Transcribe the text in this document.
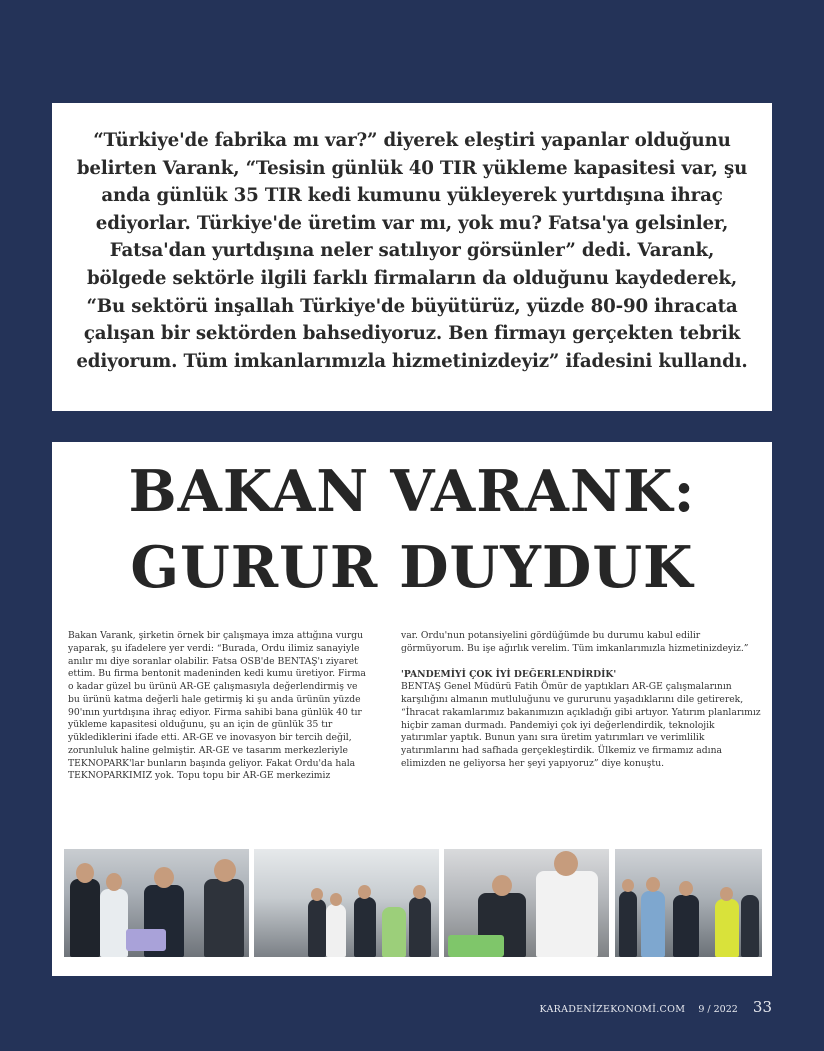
“Türkiye'de fabrika mı var?” diyerek eleştiri yapanlar olduğunu belirten Varank, “Tesisin günlük 40 TIR yükleme kapasitesi var, şu anda günlük 35 TIR kedi kumunu yükleyerek yurtdışına ihraç ediyorlar. Türkiye'de üretim var mı, yok mu? Fatsa'ya gelsinler, Fatsa'dan yurtdışına neler satılıyor görsünler” dedi. Varank, bölgede sektörle ilgili farklı firmaların da olduğunu kaydederek, “Bu sektörü inşallah Türkiye'de büyütürüz, yüzde 80-90 ihracata çalışan bir sektörden bahsediyoruz. Ben firmayı gerçekten tebrik ediyorum. Tüm imkanlarımızla hizmetinizdeyiz” ifadesini kullandı.

BAKAN VARANK:
GURUR DUYDUK

Bakan Varank, şirketin örnek bir çalışmaya imza attığına vurgu yaparak, şu ifadelere yer verdi: “Burada, Ordu ilimiz sanayiyle anılır mı diye soranlar olabilir. Fatsa OSB'de BENTAŞ'ı ziyaret ettim. Bu firma bentonit madeninden kedi kumu üretiyor. Firma o kadar güzel bu ürünü AR-GE çalışmasıyla değerlendirmiş ve bu ürünü katma değerli hale getirmiş ki şu anda ürünün yüzde 90'ının yurtdışına ihraç ediyor. Firma sahibi bana günlük 40 tır yükleme kapasitesi olduğunu, şu an için de günlük 35 tır yüklediklerini ifade etti. AR-GE ve inovasyon bir tercih değil, zorunluluk haline gelmiştir. AR-GE ve tasarım merkezleriyle TEKNOPARK'lar bunların başında geliyor. Fakat Ordu'da hala TEKNOPARKIMIZ yok. Topu topu bir AR-GE merkezimiz

var. Ordu'nun potansiyelini gördüğümde bu durumu kabul edilir görmüyorum. Bu işe ağırlık verelim. Tüm imkanlarımızla hizmetinizdeyiz.”

'PANDEMİYİ ÇOK İYİ DEĞERLENDİRDİK'

BENTAŞ Genel Müdürü Fatih Ömür de yaptıkları AR-GE çalışmalarının karşılığını almanın mutluluğunu ve gururunu yaşadıklarını dile getirerek, “İhracat rakamlarımız bakanımızın açıkladığı gibi artıyor. Yatırım planlarımız hiçbir zaman durmadı. Pandemiyi çok iyi değerlendirdik, teknolojik yatırımlar yaptık. Bunun yanı sıra üretim yatırımları ve verimlilik yatırımlarını had safhada gerçekleştirdik. Ülkemiz ve firmamız adına elimizden ne geliyorsa her şeyi yapıyoruz” diye konuştu.

KARADENİZEKONOMİ.COM 9 / 2022 33
